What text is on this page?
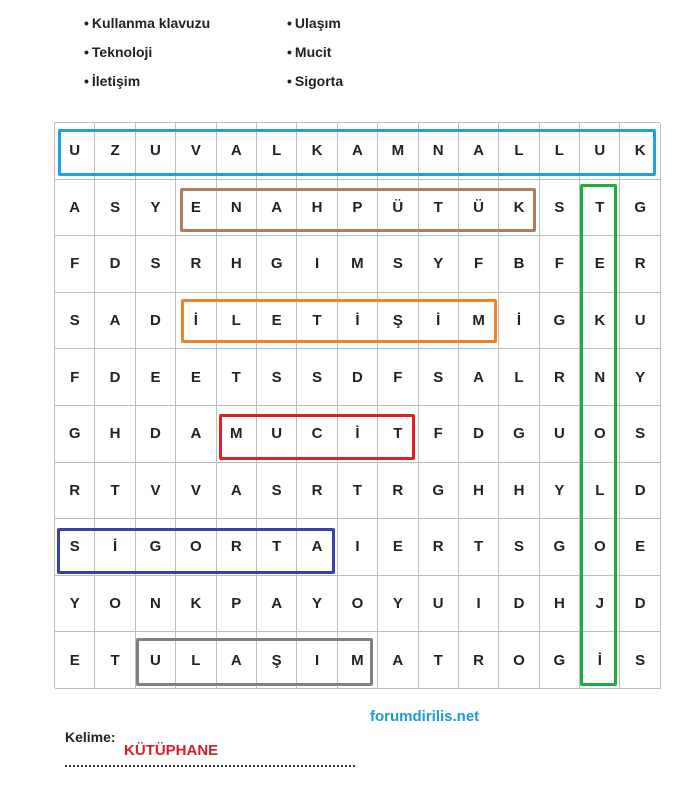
• Kullanma klavuzu
• Teknoloji
• İletişim
• Ulaşım
• Mucit
• Sigorta
U	Z	U	V	A	L	K	A	M	N	A	L	L	U	K
A	S	Y	E	N	A	H	P	Ü	T	Ü	K	S	T	G
F	D	S	R	H	G	I	M	S	Y	F	B	F	E	R
S	A	D	İ	L	E	T	İ	Ş	İ	M	İ	G	K	U
F	D	E	E	T	S	S	D	F	S	A	L	R	N	Y
G	H	D	A	M	U	C	İ	T	F	D	G	U	O	S
R	T	V	V	A	S	R	T	R	G	H	H	Y	L	D
S	İ	G	O	R	T	A	I	E	R	T	S	G	O	E
Y	O	N	K	P	A	Y	O	Y	U	I	D	H	J	D
E	T	U	L	A	Ş	I	M	A	T	R	O	G	İ	S
forumdirilis.net
Kelime:
KÜTÜPHANE
